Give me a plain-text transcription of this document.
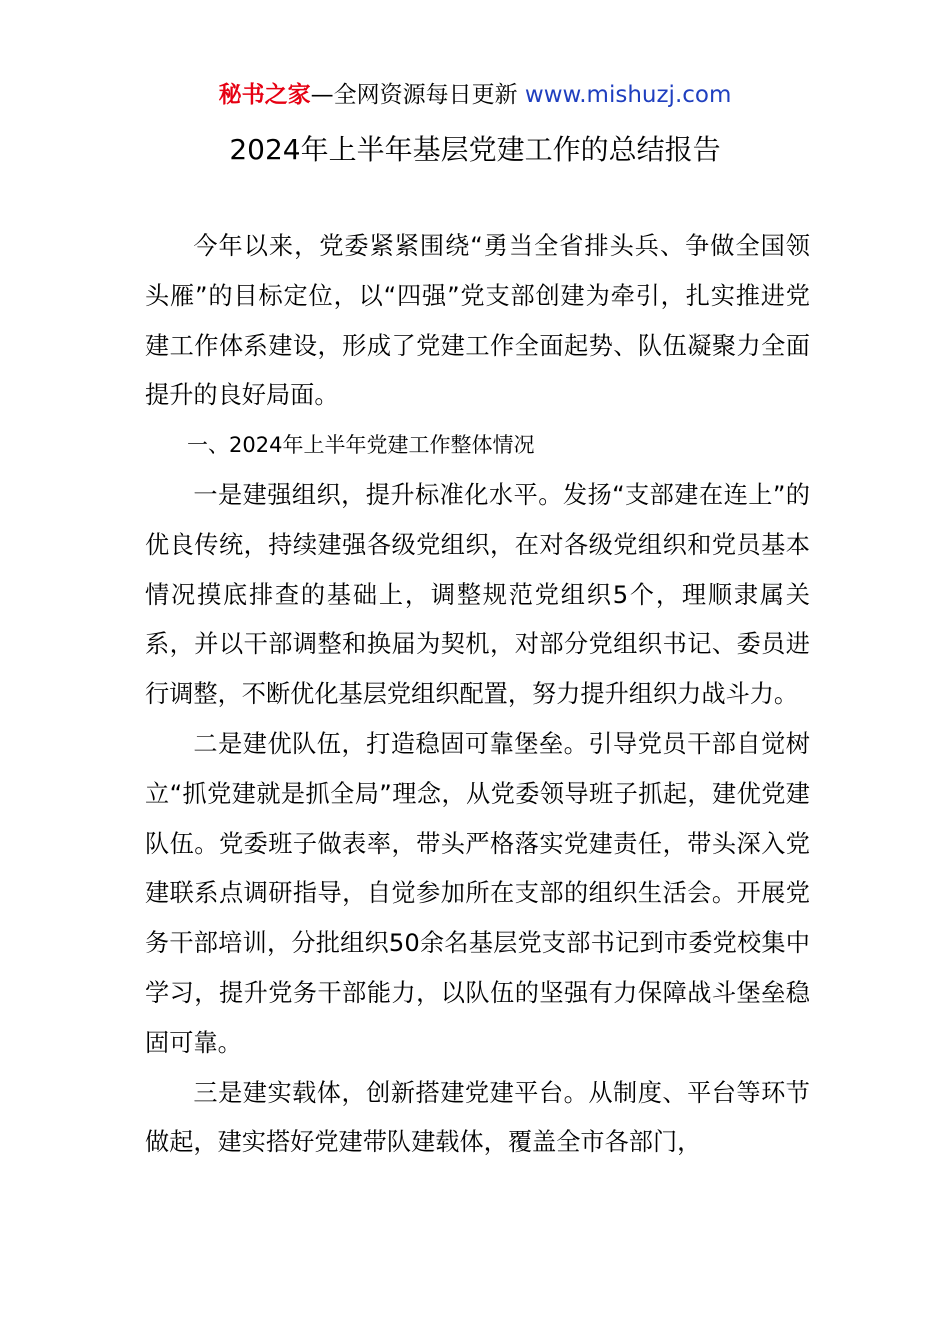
秘书之家—全网资源每日更新 www.mishuzj.com
2024年上半年基层党建工作的总结报告

今年以来，党委紧紧围绕“勇当全省排头兵、争做全国领头雁”的目标定位，以“四强”党支部创建为牵引，扎实推进党建工作体系建设，形成了党建工作全面起势、队伍凝聚力全面提升的良好局面。

一、2024年上半年党建工作整体情况

一是建强组织，提升标准化水平。发扬“支部建在连上”的优良传统，持续建强各级党组织，在对各级党组织和党员基本情况摸底排查的基础上，调整规范党组织5个，理顺隶属关系，并以干部调整和换届为契机，对部分党组织书记、委员进行调整，不断优化基层党组织配置，努力提升组织力战斗力。

二是建优队伍，打造稳固可靠堡垒。引导党员干部自觉树立“抓党建就是抓全局”理念，从党委领导班子抓起，建优党建队伍。党委班子做表率，带头严格落实党建责任，带头深入党建联系点调研指导，自觉参加所在支部的组织生活会。开展党务干部培训，分批组织50余名基层党支部书记到市委党校集中学习，提升党务干部能力，以队伍的坚强有力保障战斗堡垒稳固可靠。

三是建实载体，创新搭建党建平台。从制度、平台等环节做起，建实搭好党建带队建载体，覆盖全市各部门，
